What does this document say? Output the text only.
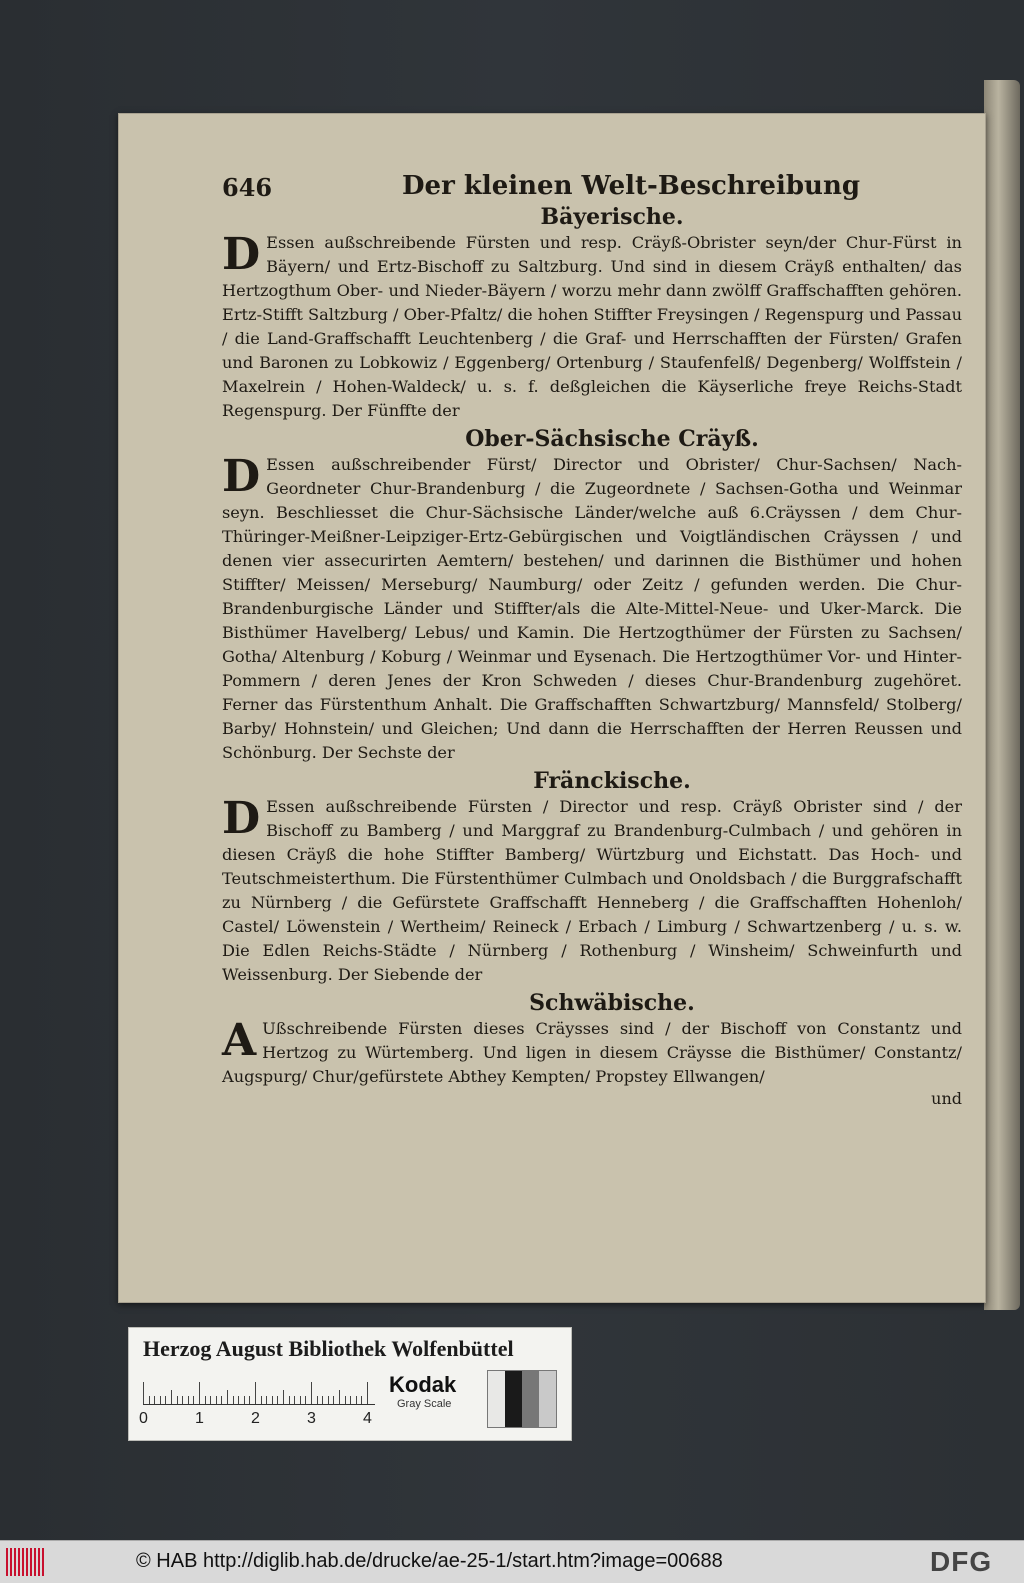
646	Der kleinen Welt-Beschreibung
Bäyerische.

D Essen außschreibende Fürsten und resp. Cräyß-Obrister seyn/der Chur-Fürst in Bäyern/ und Ertz-Bischoff zu Saltzburg. Und sind in diesem Cräyß enthalten/ das Hertzogthum Ober- und Nieder-Bäyern / worzu mehr dann zwölff Graffschafften gehören. Ertz-Stifft Saltzburg / Ober-Pfaltz/ die hohen Stiffter Freysingen / Regenspurg und Passau / die Land-Graffschafft Leuchtenberg / die Graf- und Herrschafften der Fürsten/ Grafen und Baronen zu Lobkowiz / Eggenberg/ Ortenburg / Staufenfelß/ Degenberg/ Wolffstein / Maxelrein / Hohen-Waldeck/ u. s. f. deßgleichen die Käyserliche freye Reichs-Stadt Regenspurg. Der Fünffte der

Ober-Sächsische Cräyß.

D Essen außschreibender Fürst/ Director und Obrister/ Chur-Sachsen/ Nach-Geordneter Chur-Brandenburg / die Zugeordnete / Sachsen-Gotha und Weinmar seyn. Beschliesset die Chur-Sächsische Länder/welche auß 6.Cräyssen / dem Chur-Thüringer-Meißner-Leipziger-Ertz-Gebürgischen und Voigtländischen Cräyssen / und denen vier assecurirten Aemtern/ bestehen/ und darinnen die Bisthümer und hohen Stiffter/ Meissen/ Merseburg/ Naumburg/ oder Zeitz / gefunden werden. Die Chur-Brandenburgische Länder und Stiffter/als die Alte-Mittel-Neue- und Uker-Marck. Die Bisthümer Havelberg/ Lebus/ und Kamin. Die Hertzogthümer der Fürsten zu Sachsen/ Gotha/ Altenburg / Koburg / Weinmar und Eysenach. Die Hertzogthümer Vor- und Hinter-Pommern / deren Jenes der Kron Schweden / dieses Chur-Brandenburg zugehöret. Ferner das Fürstenthum Anhalt. Die Graffschafften Schwartzburg/ Mannsfeld/ Stolberg/ Barby/ Hohnstein/ und Gleichen; Und dann die Herrschafften der Herren Reussen und Schönburg. Der Sechste der

Fränckische.

D Essen außschreibende Fürsten / Director und resp. Cräyß Obrister sind / der Bischoff zu Bamberg / und Marggraf zu Brandenburg-Culmbach / und gehören in diesen Cräyß die hohe Stiffter Bamberg/ Würtzburg und Eichstatt. Das Hoch- und Teutschmeisterthum. Die Fürstenthümer Culmbach und Onoldsbach / die Burggrafschafft zu Nürnberg / die Gefürstete Graffschafft Henneberg / die Graffschafften Hohenloh/ Castel/ Löwenstein / Wertheim/ Reineck / Erbach / Limburg / Schwartzenberg / u. s. w. Die Edlen Reichs-Städte / Nürnberg / Rothenburg / Winsheim/ Schweinfurth und Weissenburg. Der Siebende der

Schwäbische.

A Ußschreibende Fürsten dieses Cräysses sind / der Bischoff von Constantz und Hertzog zu Würtemberg. Und ligen in diesem Cräysse die Bisthümer/ Constantz/ Augspurg/ Chur/gefürstete Abthey Kempten/ Propstey Ellwangen/

und
Herzog August Bibliothek Wolfenbüttel
0	1	2	3	4
Kodak
Gray Scale
© HAB http://diglib.hab.de/drucke/ae-25-1/start.htm?image=00688	DFG
